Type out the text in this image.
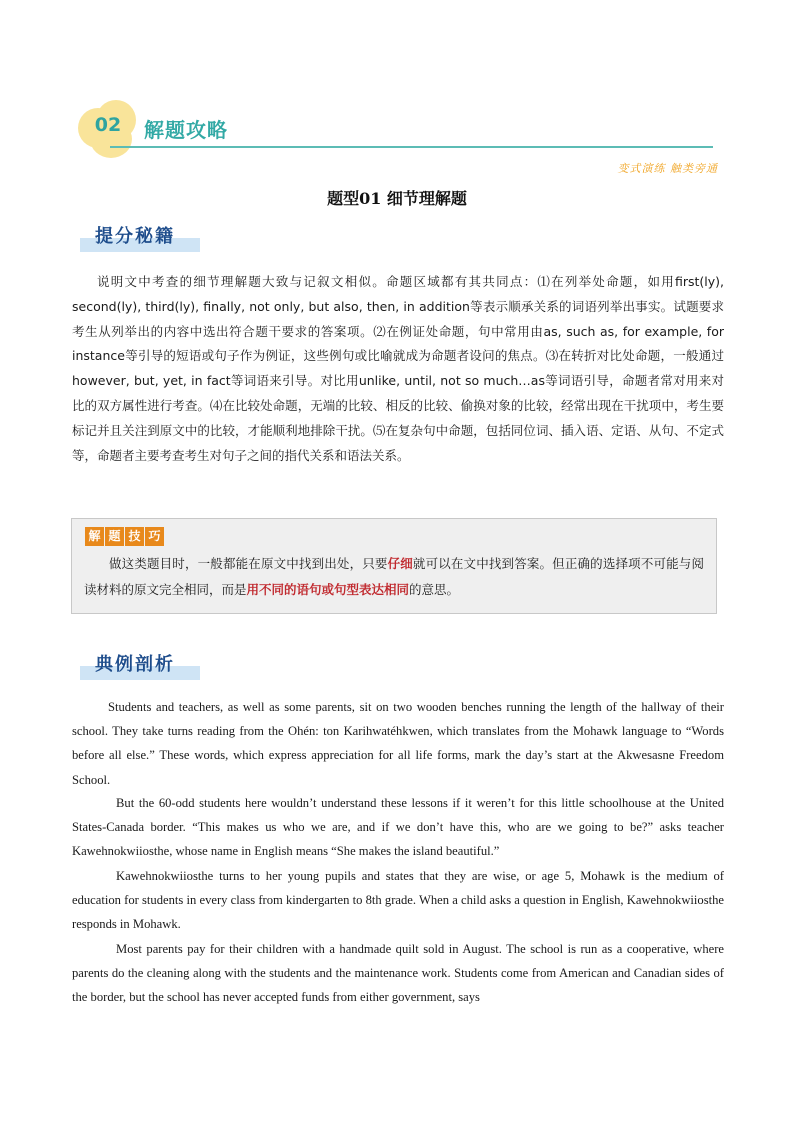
02	解题攻略
变式演练 触类旁通
题型01 细节理解题
提分秘籍

说明文中考查的细节理解题大致与记叙文相似。命题区域都有其共同点：⑴在列举处命题，如用first(ly), second(ly), third(ly), finally, not only, but also, then, in addition等表示顺承关系的词语列举出事实。试题要求考生从列举出的内容中选出符合题干要求的答案项。⑵在例证处命题，句中常用由as, such as, for example, for instance等引导的短语或句子作为例证，这些例句或比喻就成为命题者设问的焦点。⑶在转折对比处命题，一般通过however, but, yet, in fact等词语来引导。对比用unlike, until, not so much…as等词语引导，命题者常对用来对比的双方属性进行考查。⑷在比较处命题，无端的比较、相反的比较、偷换对象的比较，经常出现在干扰项中，考生要标记并且关注到原文中的比较，才能顺利地排除干扰。⑸在复杂句中命题，包括同位词、插入语、定语、从句、不定式等，命题者主要考查考生对句子之间的指代关系和语法关系。

解 题 技 巧

做这类题目时，一般都能在原文中找到出处，只要仔细就可以在文中找到答案。但正确的选择项不可能与阅读材料的原文完全相同，而是用不同的语句或句型表达相同的意思。

典例剖析

Students and teachers, as well as some parents, sit on two wooden benches running the length of the hallway of their school. They take turns reading from the Ohén: ton Karihwatéhkwen, which translates from the Mohawk language to “Words before all else.” These words, which express appreciation for all life forms, mark the day’s start at the Akwesasne Freedom School.

But the 60-odd students here wouldn’t understand these lessons if it weren’t for this little schoolhouse at the United States-Canada border. “This makes us who we are, and if we don’t have this, who are we going to be?” asks teacher Kawehnokwiiosthe, whose name in English means “She makes the island beautiful.”

Kawehnokwiiosthe turns to her young pupils and states that they are wise, or age 5, Mohawk is the medium of education for students in every class from kindergarten to 8th grade. When a child asks a question in English, Kawehnokwiiosthe responds in Mohawk.

Most parents pay for their children with a handmade quilt sold in August. The school is run as a cooperative, where parents do the cleaning along with the students and the maintenance work. Students come from American and Canadian sides of the border, but the school has never accepted funds from either government, says
